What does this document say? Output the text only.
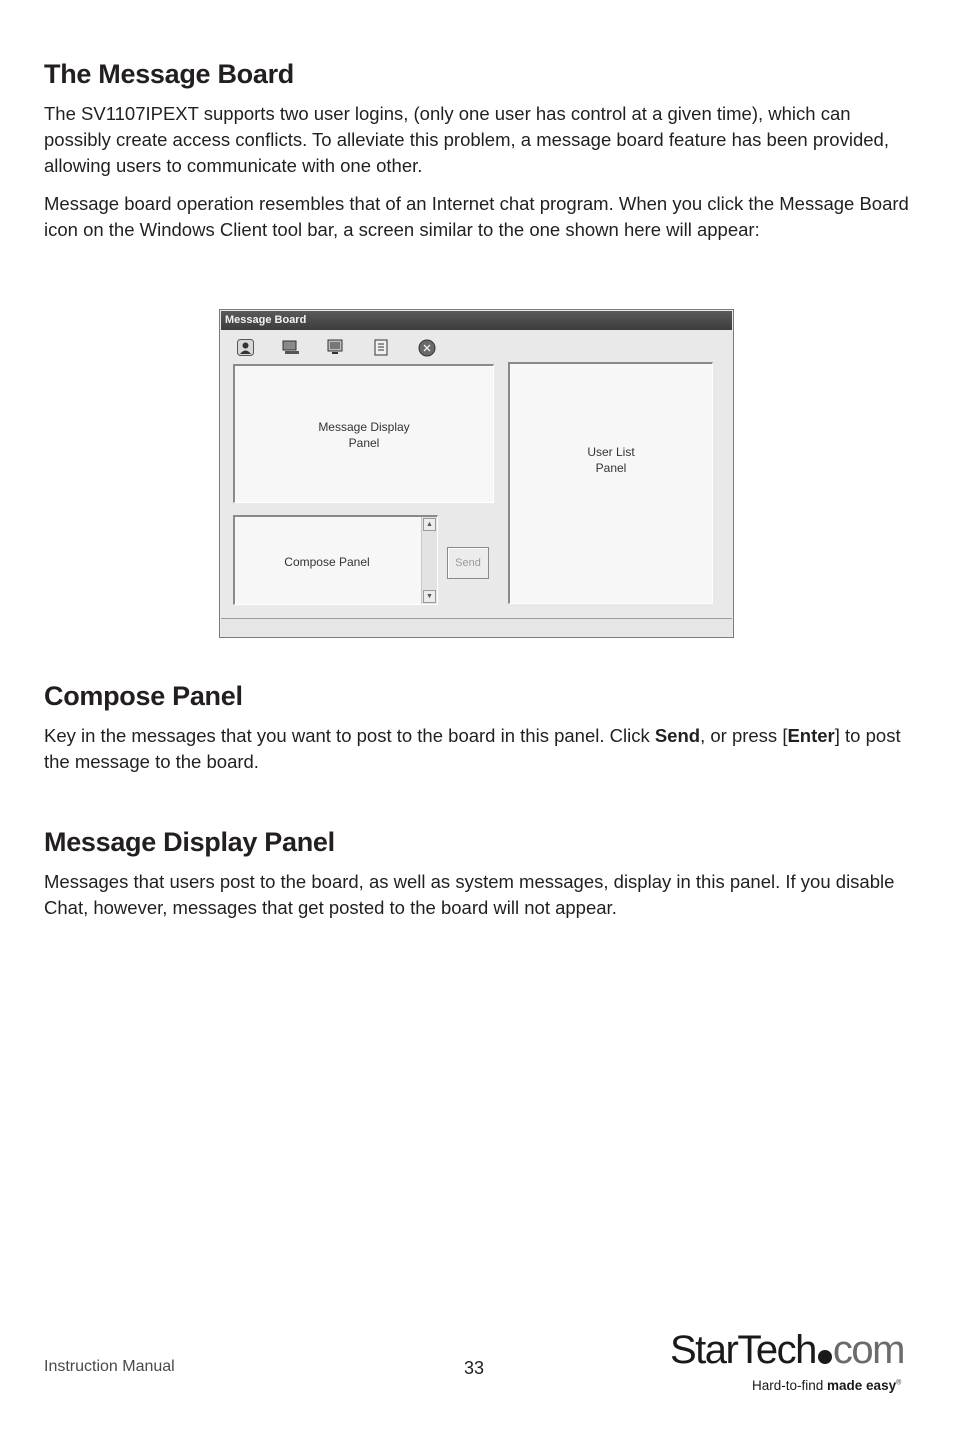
The Message Board

The SV1107IPEXT supports two user logins, (only one user has control at a given time), which can possibly create access conflicts. To alleviate this problem, a message board feature has been provided, allowing users to communicate with one other.

Message board operation resembles that of an Internet chat program. When you click the Message Board icon on the Windows Client tool bar, a screen similar to the one shown here will appear:

Message Board
Message Display
Panel
User List
Panel
Compose Panel
▲
▼
Send
Compose Panel

Key in the messages that you want to post to the board in this panel. Click Send, or press [Enter] to post the message to the board.

Message Display Panel

Messages that users post to the board, as well as system messages, display in this panel. If you disable Chat, however, messages that get posted to the board will not appear.

Instruction Manual	33	StarTech com
Hard-to-find made easy®
